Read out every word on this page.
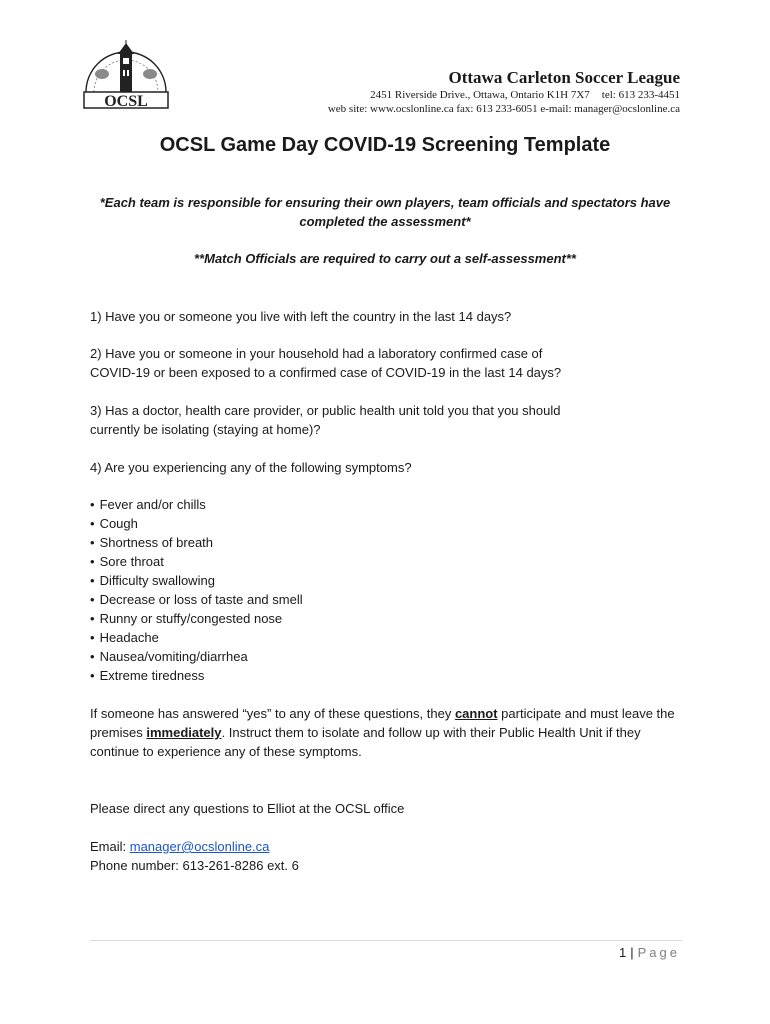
OCSL
Ottawa Carleton Soccer League
2451 Riverside Drive., Ottawa, Ontario K1H 7X7 tel: 613 233-4451
web site: www.ocslonline.ca fax: 613 233-6051 e-mail: manager@ocslonline.ca
OCSL Game Day COVID-19 Screening Template
*Each team is responsible for ensuring their own players, team officials and spectators have completed the assessment*
**Match Officials are required to carry out a self-assessment**
1) Have you or someone you live with left the country in the last 14 days?
2) Have you or someone in your household had a laboratory confirmed case of COVID-19 or been exposed to a confirmed case of COVID-19 in the last 14 days?
3) Has a doctor, health care provider, or public health unit told you that you should currently be isolating (staying at home)?
4) Are you experiencing any of the following symptoms?
• Fever and/or chills
• Cough
• Shortness of breath
• Sore throat
• Difficulty swallowing
• Decrease or loss of taste and smell
• Runny or stuffy/congested nose
• Headache
• Nausea/vomiting/diarrhea
• Extreme tiredness
If someone has answered “yes” to any of these questions, they cannot participate and must leave the premises immediately. Instruct them to isolate and follow up with their Public Health Unit if they continue to experience any of these symptoms.
Please direct any questions to Elliot at the OCSL office
Email: manager@ocslonline.ca
Phone number: 613-261-8286 ext. 6
1 | Page
